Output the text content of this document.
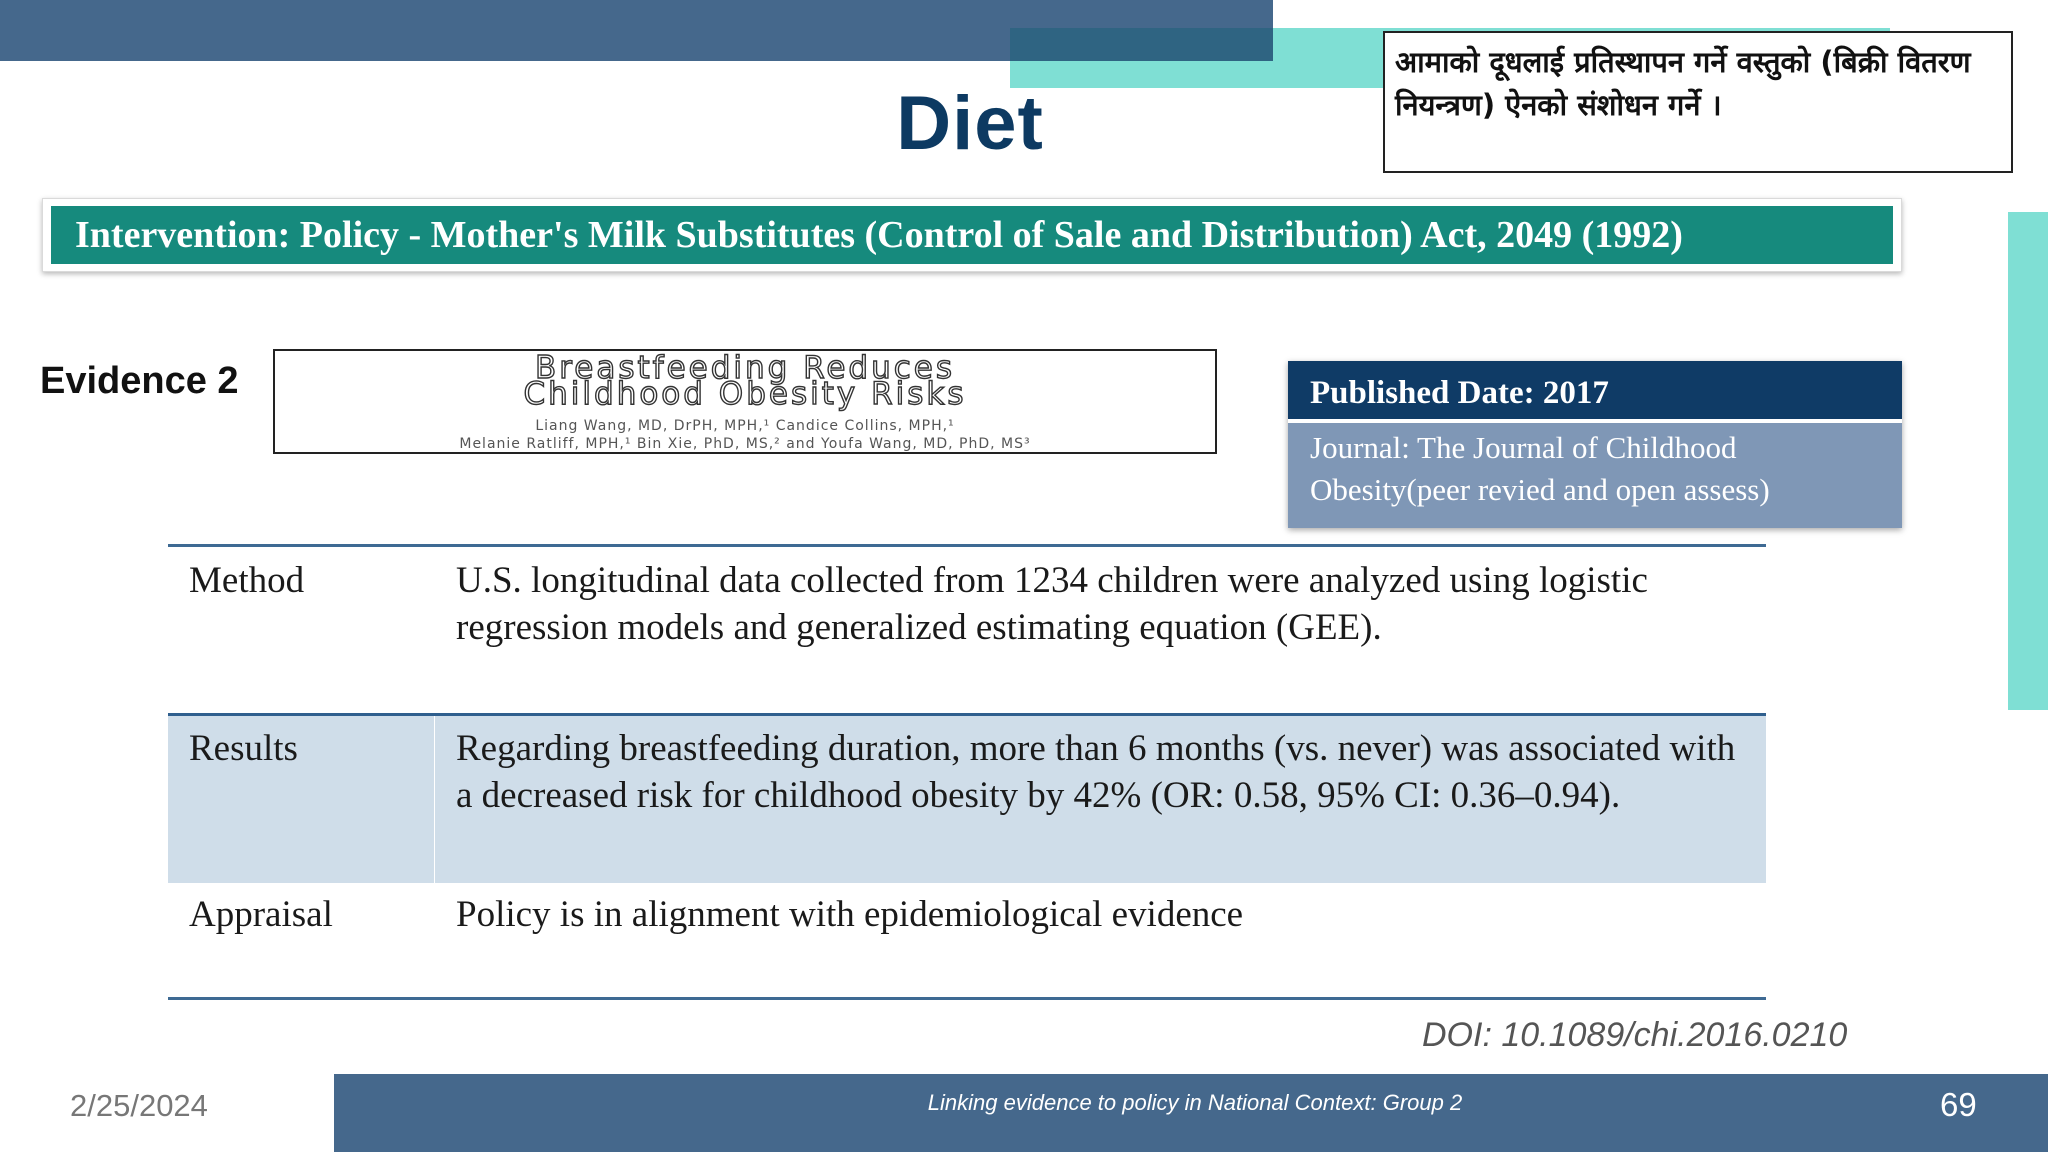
Diet
आमाको दूधलाई प्रतिस्थापन गर्ने वस्तुको (बिक्री वितरण नियन्त्रण) ऐनको संशोधन गर्ने ।
Intervention: Policy - Mother's Milk Substitutes (Control of Sale and Distribution) Act, 2049 (1992)
Evidence 2	Breastfeeding Reduces
Childhood Obesity Risks
Liang Wang, MD, DrPH, MPH,¹ Candice Collins, MPH,¹
Melanie Ratliff, MPH,¹ Bin Xie, PhD, MS,² and Youfa Wang, MD, PhD, MS³
Published Date: 2017
Journal: The Journal of Childhood Obesity(peer revied and open assess)
Method	U.S. longitudinal data collected from 1234 children were analyzed using logistic regression models and generalized estimating equation (GEE).
Results	Regarding breastfeeding duration, more than 6 months (vs. never) was associated with a decreased risk for childhood obesity by 42% (OR: 0.58, 95% CI: 0.36–0.94).
Appraisal	Policy is in alignment with epidemiological evidence
DOI: 10.1089/chi.2016.0210
2/25/2024	Linking evidence to policy in National Context: Group 2	69
